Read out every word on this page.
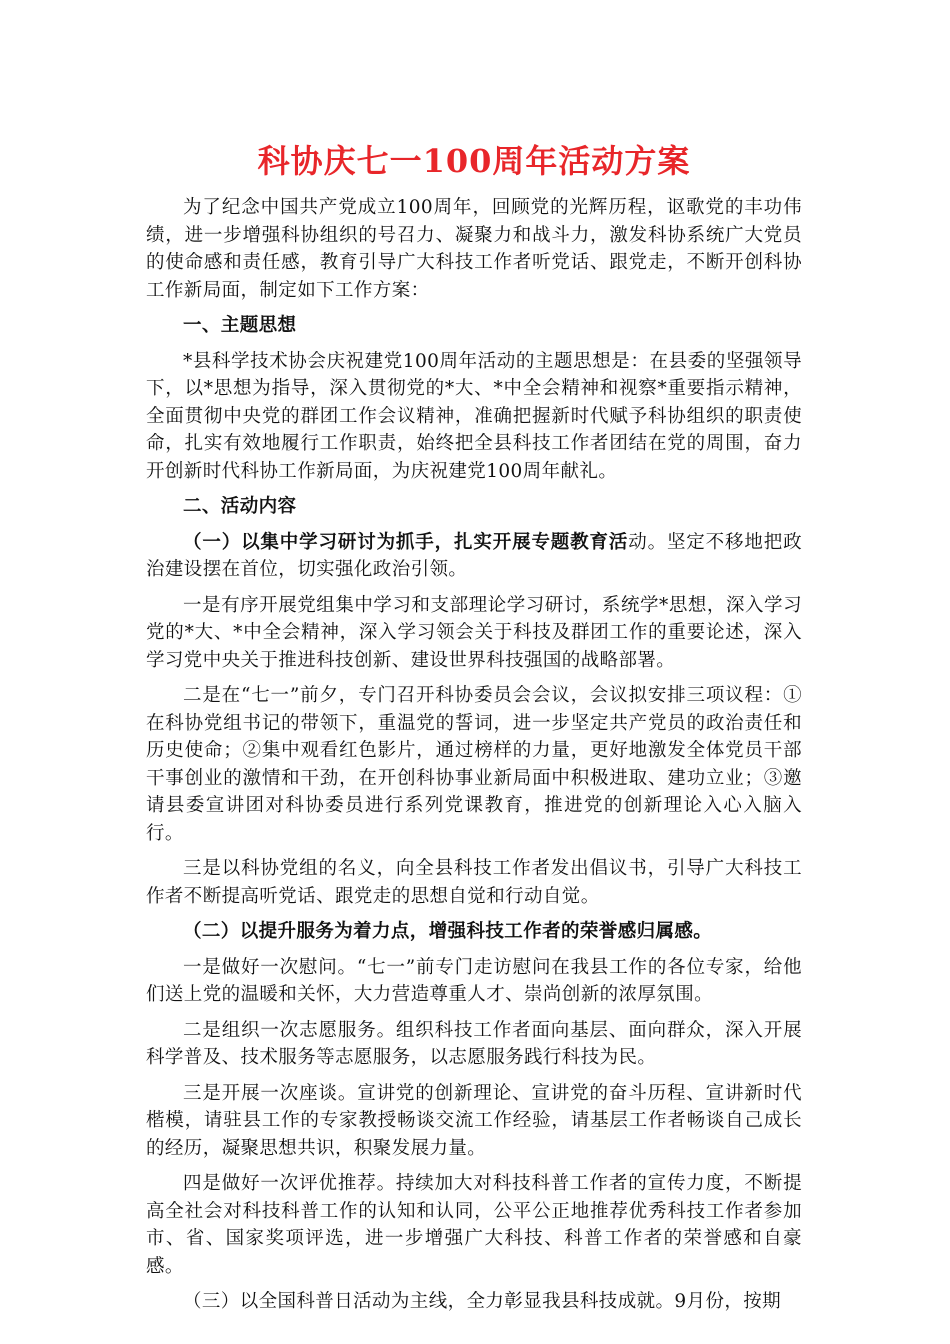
科协庆七一100周年活动方案

为了纪念中国共产党成立100周年，回顾党的光辉历程，讴歌党的丰功伟绩，进一步增强科协组织的号召力、凝聚力和战斗力，激发科协系统广大党员的使命感和责任感，教育引导广大科技工作者听党话、跟党走，不断开创科协工作新局面，制定如下工作方案：

一、主题思想

*县科学技术协会庆祝建党100周年活动的主题思想是：在县委的坚强领导下，以*思想为指导，深入贯彻党的*大、*中全会精神和视察*重要指示精神，全面贯彻中央党的群团工作会议精神，准确把握新时代赋予科协组织的职责使命，扎实有效地履行工作职责，始终把全县科技工作者团结在党的周围，奋力开创新时代科协工作新局面，为庆祝建党100周年献礼。

二、活动内容

（一）以集中学习研讨为抓手，扎实开展专题教育活动。坚定不移地把政治建设摆在首位，切实强化政治引领。

一是有序开展党组集中学习和支部理论学习研讨，系统学*思想，深入学习党的*大、*中全会精神，深入学习领会关于科技及群团工作的重要论述，深入学习党中央关于推进科技创新、建设世界科技强国的战略部署。

二是在“七一”前夕，专门召开科协委员会会议，会议拟安排三项议程：①在科协党组书记的带领下，重温党的誓词，进一步坚定共产党员的政治责任和历史使命；②集中观看红色影片，通过榜样的力量，更好地激发全体党员干部干事创业的激情和干劲，在开创科协事业新局面中积极进取、建功立业；③邀请县委宣讲团对科协委员进行系列党课教育，推进党的创新理论入心入脑入行。

三是以科协党组的名义，向全县科技工作者发出倡议书，引导广大科技工作者不断提高听党话、跟党走的思想自觉和行动自觉。

（二）以提升服务为着力点，增强科技工作者的荣誉感归属感。

一是做好一次慰问。“七一”前专门走访慰问在我县工作的各位专家，给他们送上党的温暖和关怀，大力营造尊重人才、崇尚创新的浓厚氛围。

二是组织一次志愿服务。组织科技工作者面向基层、面向群众，深入开展科学普及、技术服务等志愿服务，以志愿服务践行科技为民。

三是开展一次座谈。宣讲党的创新理论、宣讲党的奋斗历程、宣讲新时代楷模，请驻县工作的专家教授畅谈交流工作经验，请基层工作者畅谈自己成长的经历，凝聚思想共识，积聚发展力量。

四是做好一次评优推荐。持续加大对科技科普工作者的宣传力度，不断提高全社会对科技科普工作的认知和认同，公平公正地推荐优秀科技工作者参加市、省、国家奖项评选，进一步增强广大科技、科普工作者的荣誉感和自豪感。

（三）以全国科普日活动为主线，全力彰显我县科技成就。9月份，按期
